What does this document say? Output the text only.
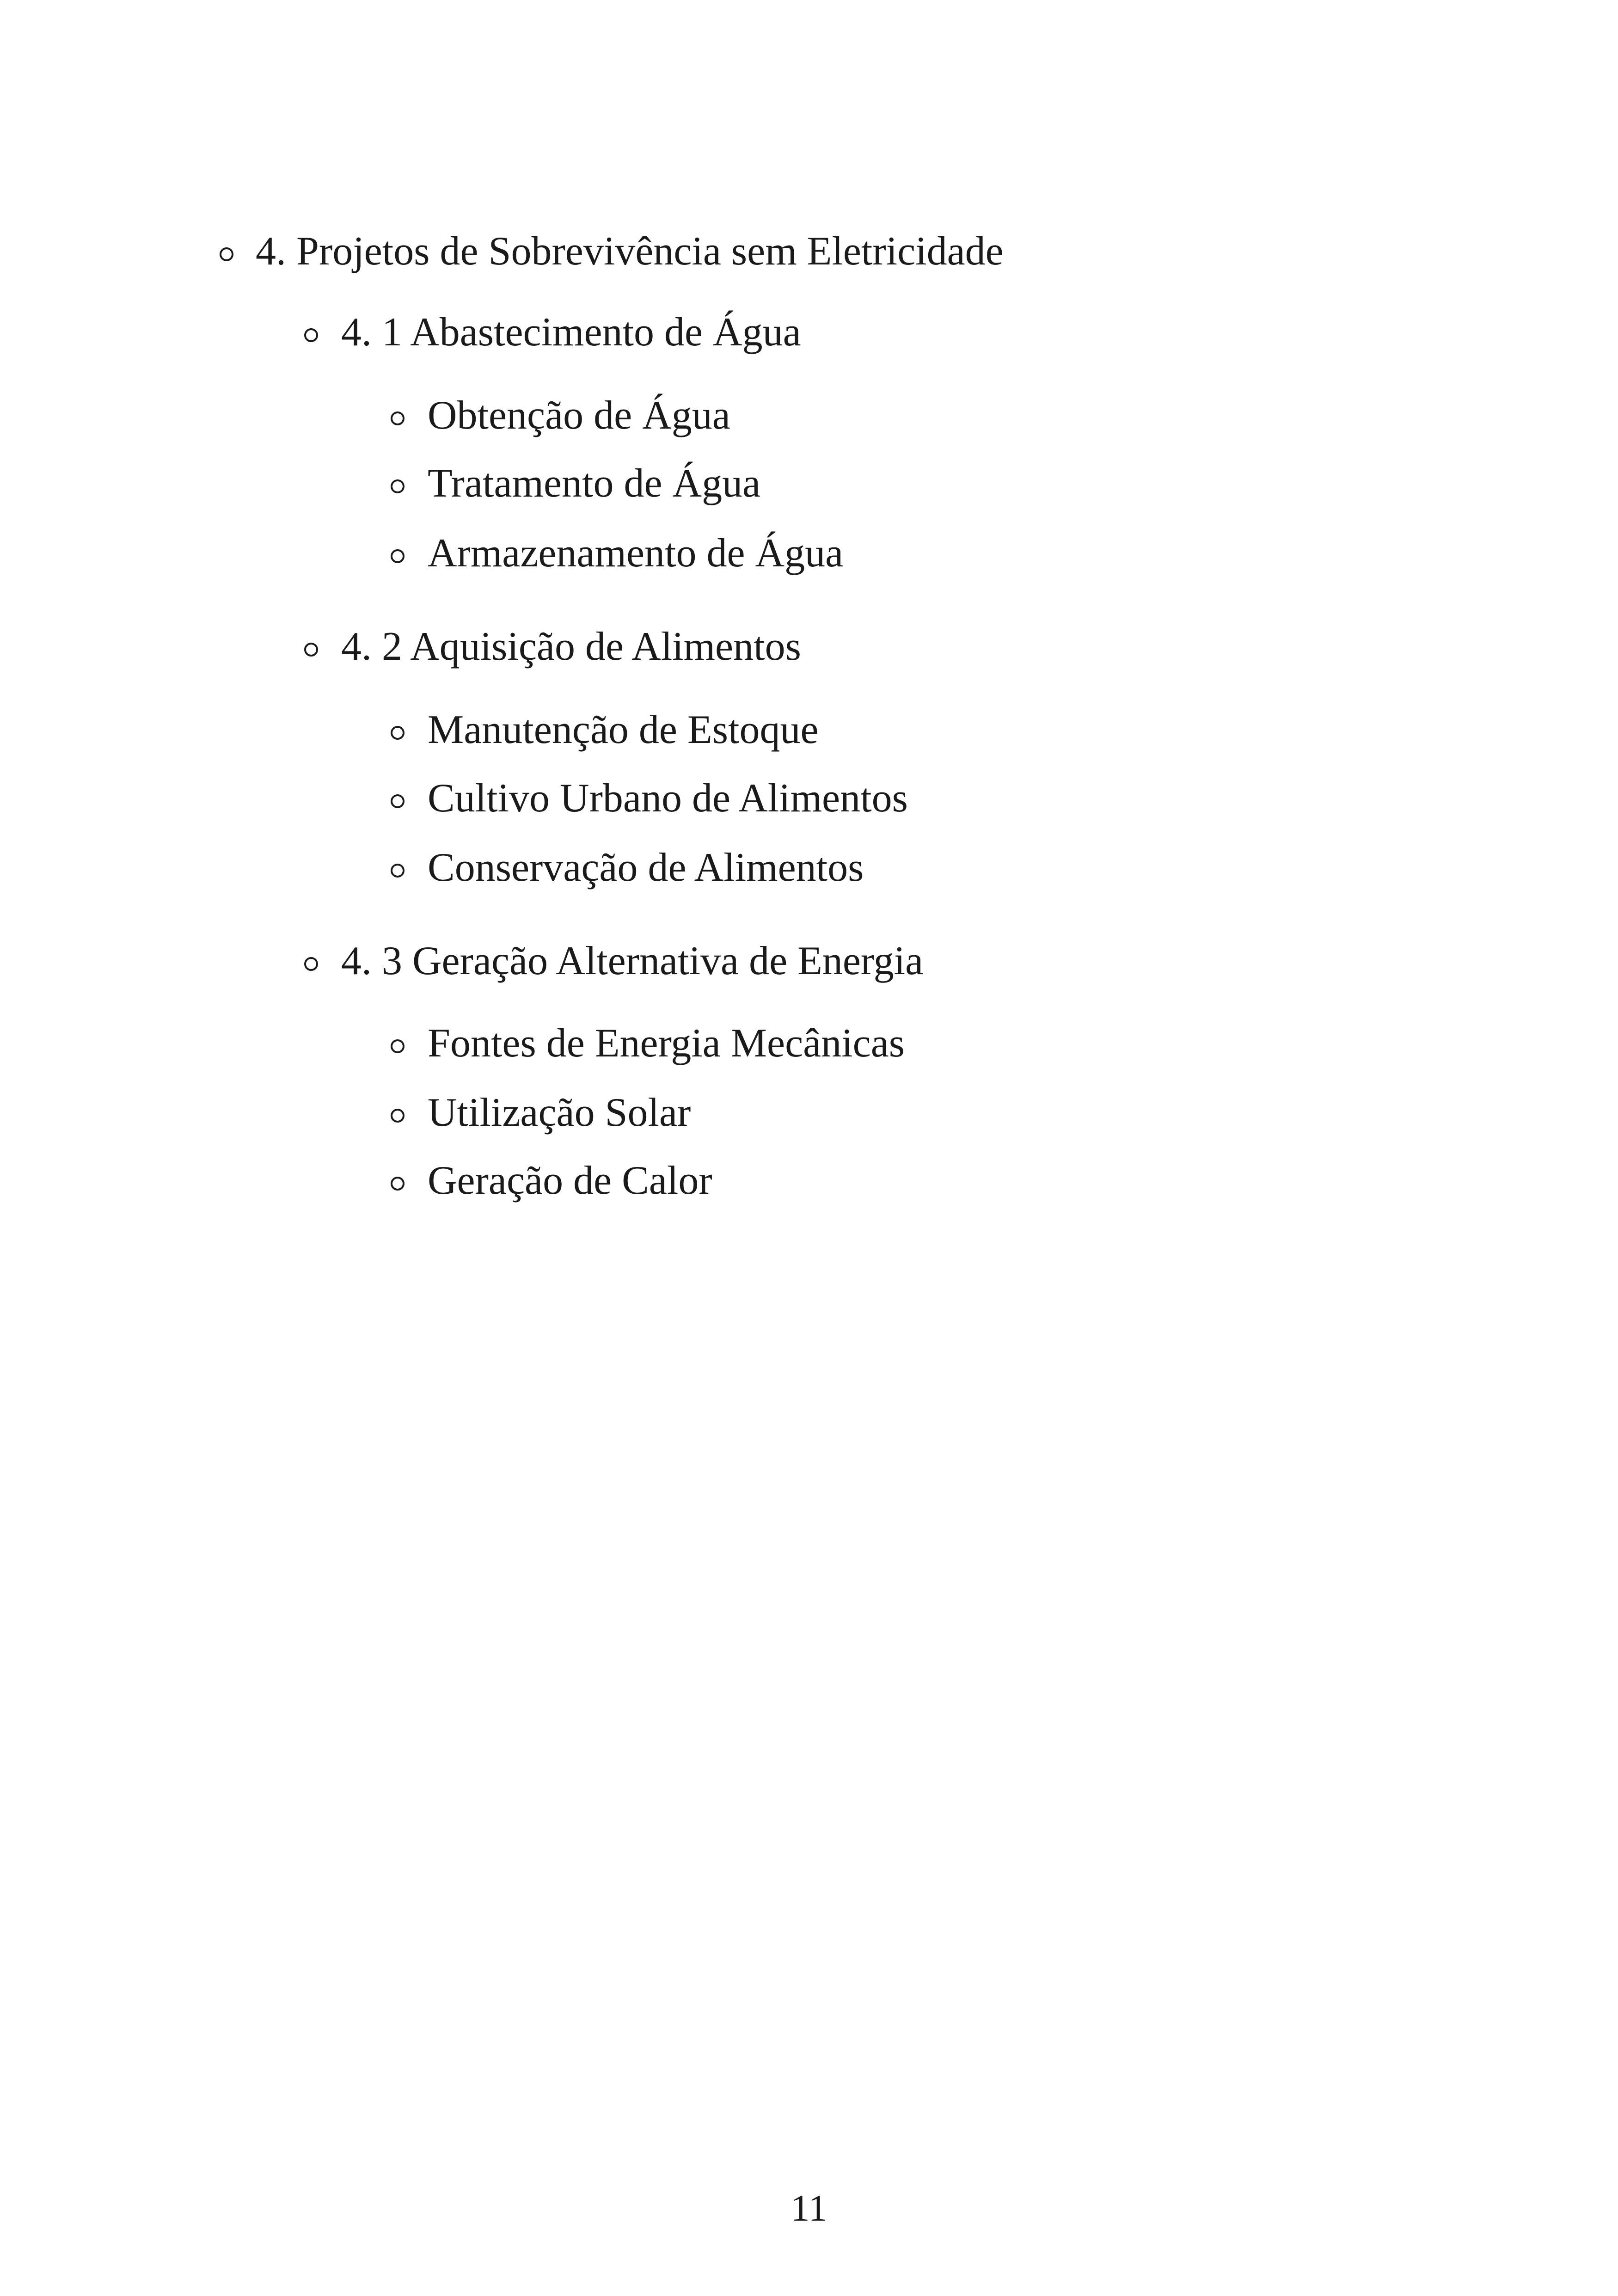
4. Projetos de Sobrevivência sem Eletricidade
4. 1 Abastecimento de Água
Obtenção de Água
Tratamento de Água
Armazenamento de Água
4. 2 Aquisição de Alimentos
Manutenção de Estoque
Cultivo Urbano de Alimentos
Conservação de Alimentos
4. 3 Geração Alternativa de Energia
Fontes de Energia Mecânicas
Utilização Solar
Geração de Calor
11
